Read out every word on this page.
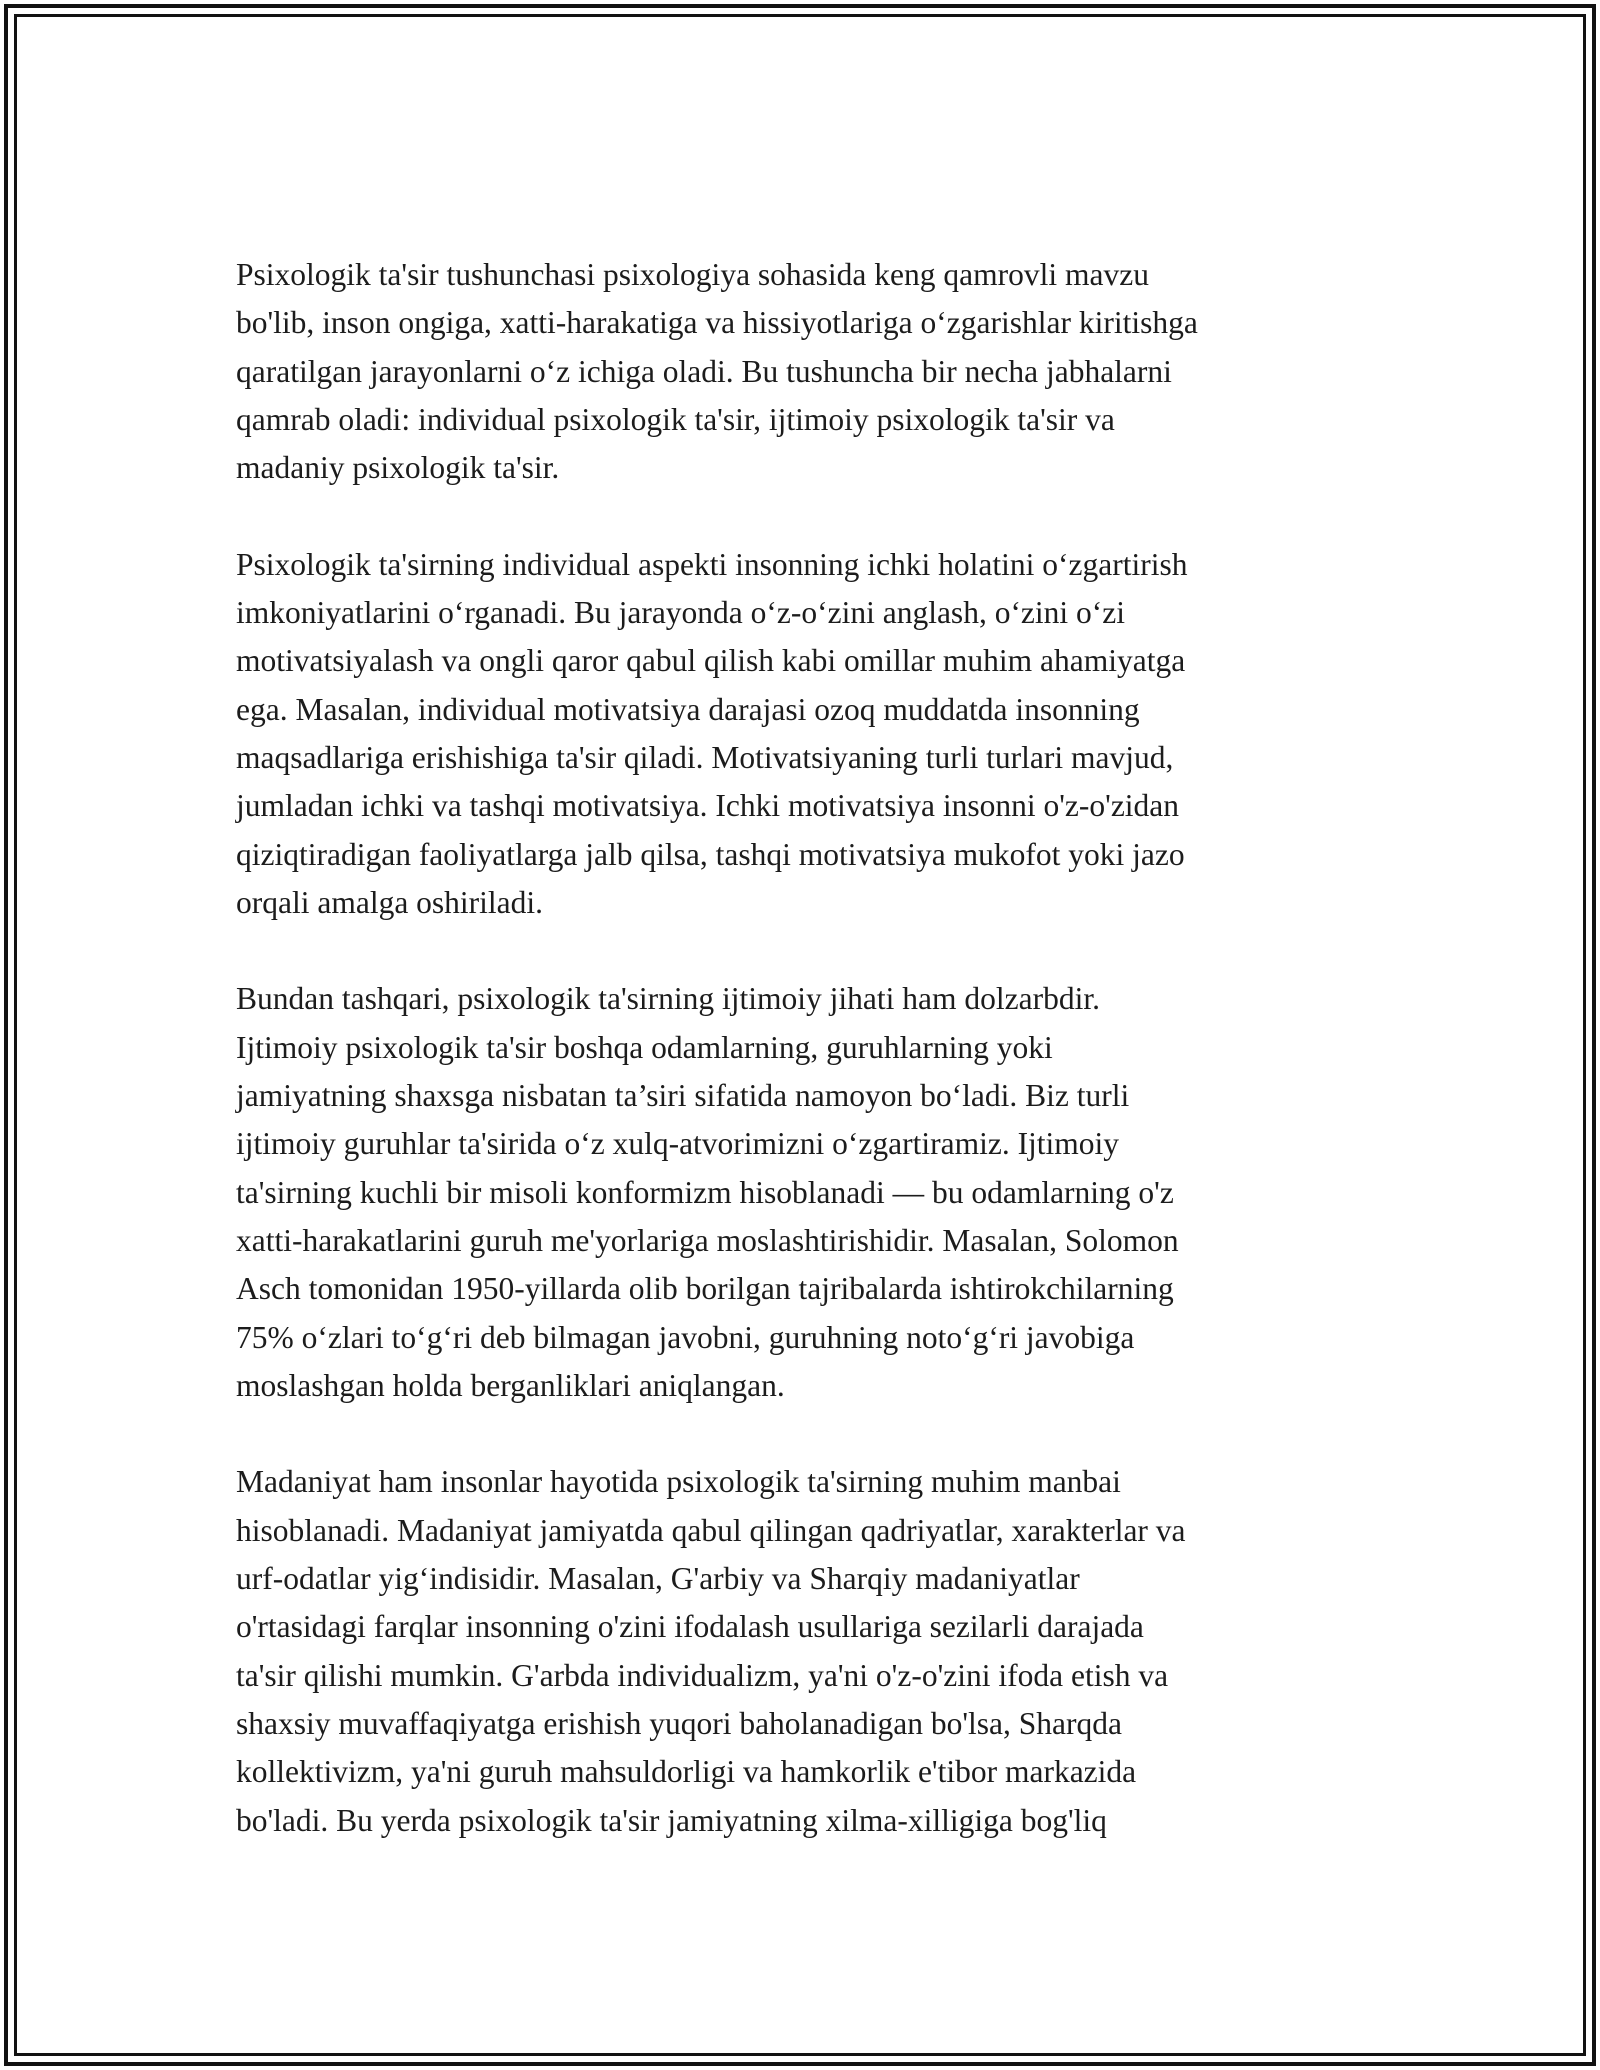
Psixologik ta'sir tushunchasi psixologiya sohasida keng qamrovli mavzu
bo'lib, inson ongiga, xatti-harakatiga va hissiyotlariga o‘zgarishlar kiritishga
qaratilgan jarayonlarni o‘z ichiga oladi. Bu tushuncha bir necha jabhalarni
qamrab oladi: individual psixologik ta'sir, ijtimoiy psixologik ta'sir va
madaniy psixologik ta'sir.

Psixologik ta'sirning individual aspekti insonning ichki holatini o‘zgartirish
imkoniyatlarini o‘rganadi. Bu jarayonda o‘z-o‘zini anglash, o‘zini o‘zi
motivatsiyalash va ongli qaror qabul qilish kabi omillar muhim ahamiyatga
ega. Masalan, individual motivatsiya darajasi ozoq muddatda insonning
maqsadlariga erishishiga ta'sir qiladi. Motivatsiyaning turli turlari mavjud,
jumladan ichki va tashqi motivatsiya. Ichki motivatsiya insonni o'z-o'zidan
qiziqtiradigan faoliyatlarga jalb qilsa, tashqi motivatsiya mukofot yoki jazo
orqali amalga oshiriladi.

Bundan tashqari, psixologik ta'sirning ijtimoiy jihati ham dolzarbdir.
Ijtimoiy psixologik ta'sir boshqa odamlarning, guruhlarning yoki
jamiyatning shaxsga nisbatan ta’siri sifatida namoyon bo‘ladi. Biz turli
ijtimoiy guruhlar ta'sirida o‘z xulq-atvorimizni o‘zgartiramiz. Ijtimoiy
ta'sirning kuchli bir misoli konformizm hisoblanadi — bu odamlarning o'z
xatti-harakatlarini guruh me'yorlariga moslashtirishidir. Masalan, Solomon
Asch tomonidan 1950-yillarda olib borilgan tajribalarda ishtirokchilarning
75% o‘zlari to‘g‘ri deb bilmagan javobni, guruhning noto‘g‘ri javobiga
moslashgan holda berganliklari aniqlangan.

Madaniyat ham insonlar hayotida psixologik ta'sirning muhim manbai
hisoblanadi. Madaniyat jamiyatda qabul qilingan qadriyatlar, xarakterlar va
urf-odatlar yig‘indisidir. Masalan, G'arbiy va Sharqiy madaniyatlar
o'rtasidagi farqlar insonning o'zini ifodalash usullariga sezilarli darajada
ta'sir qilishi mumkin. G'arbda individualizm, ya'ni o'z-o'zini ifoda etish va
shaxsiy muvaffaqiyatga erishish yuqori baholanadigan bo'lsa, Sharqda
kollektivizm, ya'ni guruh mahsuldorligi va hamkorlik e'tibor markazida
bo'ladi. Bu yerda psixologik ta'sir jamiyatning xilma-xilligiga bog'liq
